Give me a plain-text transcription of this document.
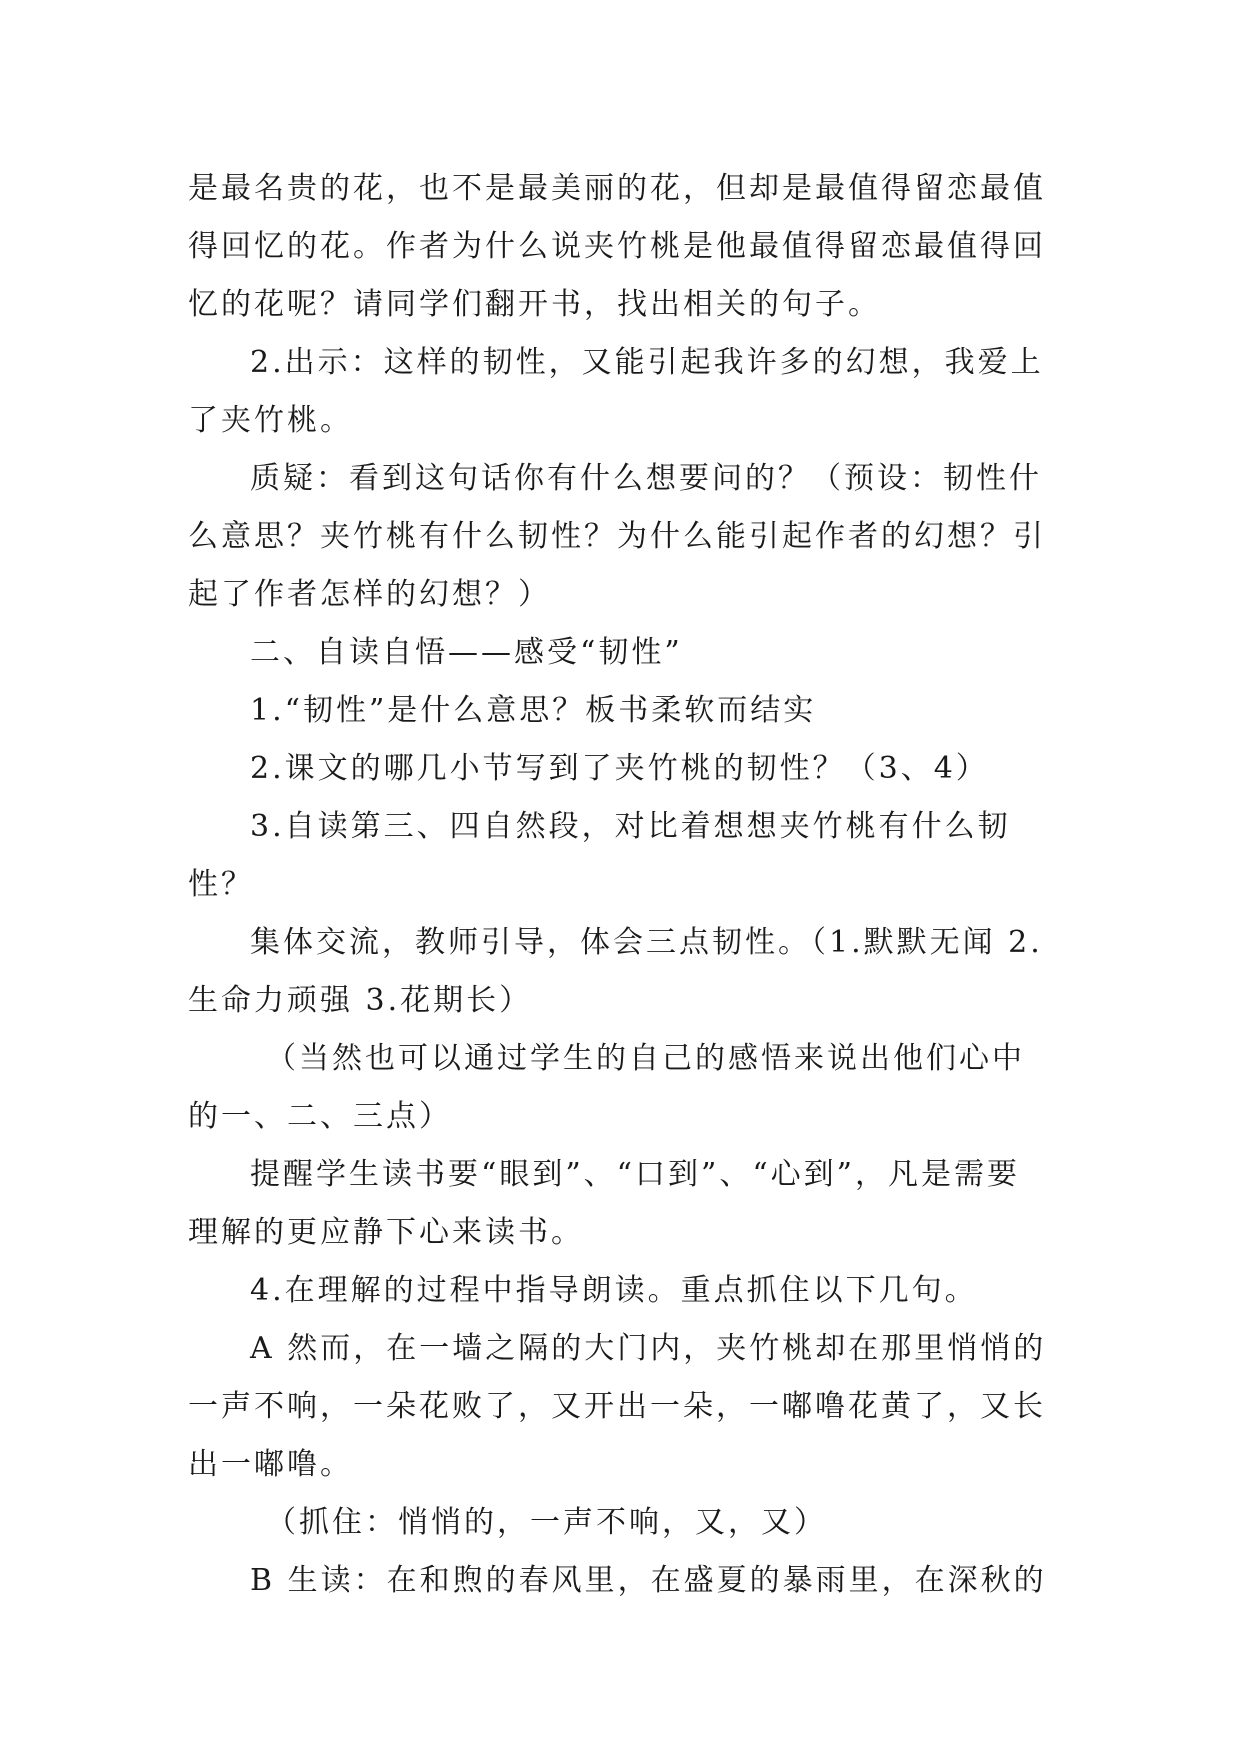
是最名贵的花，也不是最美丽的花，但却是最值得留恋最值得回忆的花。作者为什么说夹竹桃是他最值得留恋最值得回忆的花呢？请同学们翻开书，找出相关的句子。

2.出示：这样的韧性，又能引起我许多的幻想，我爱上了夹竹桃。

质疑：看到这句话你有什么想要问的？（预设：韧性什么意思？夹竹桃有什么韧性？为什么能引起作者的幻想？引起了作者怎样的幻想？）

二、自读自悟——感受“韧性”

1.“韧性”是什么意思？板书柔软而结实

2.课文的哪几小节写到了夹竹桃的韧性？（3、4）

3.自读第三、四自然段，对比着想想夹竹桃有什么韧性？

集体交流，教师引导，体会三点韧性。（1.默默无闻 2.生命力顽强 3.花期长）

（当然也可以通过学生的自己的感悟来说出他们心中的一、二、三点）

提醒学生读书要“眼到”、“口到”、“心到”，凡是需要理解的更应静下心来读书。

4.在理解的过程中指导朗读。重点抓住以下几句。

A 然而，在一墙之隔的大门内，夹竹桃却在那里悄悄的一声不响，一朵花败了，又开出一朵，一嘟噜花黄了，又长出一嘟噜。

（抓住：悄悄的，一声不响，又，又）

B 生读：在和煦的春风里，在盛夏的暴雨里，在深秋的
